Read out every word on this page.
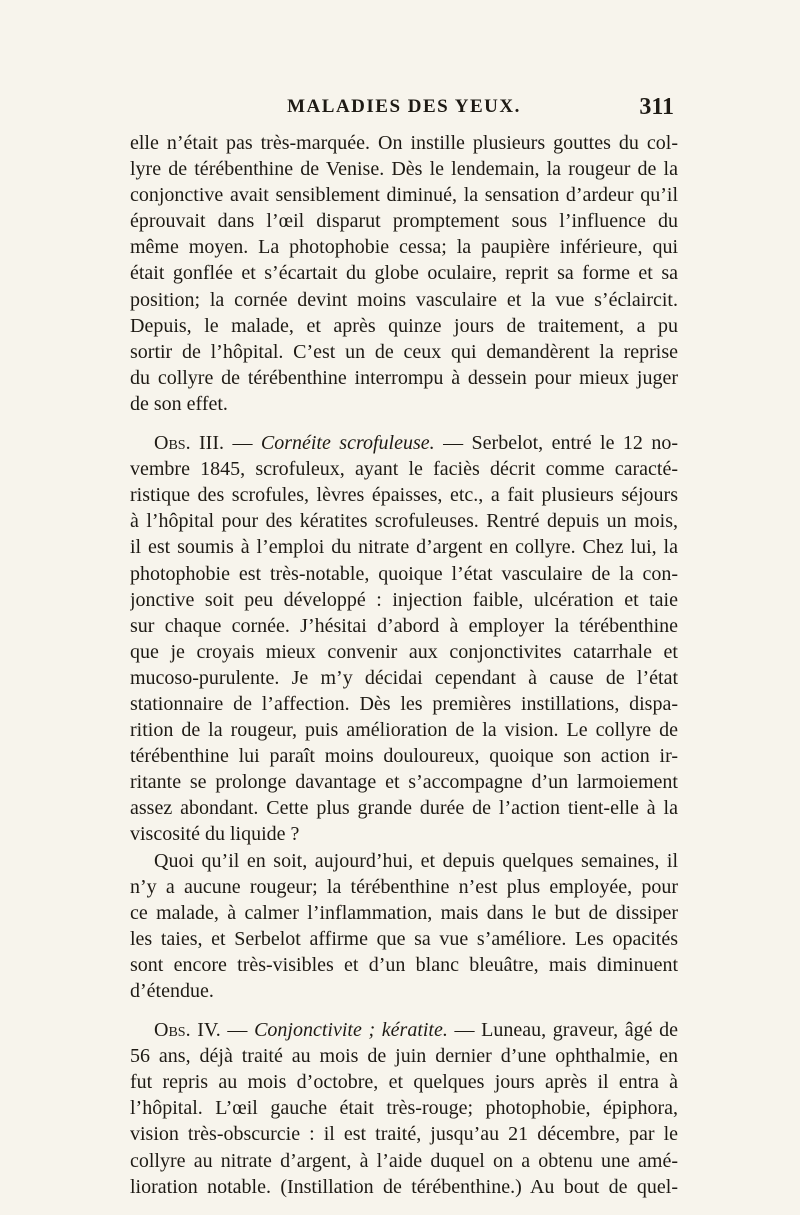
MALADIES DES YEUX.	311
elle n’était pas très-marquée. On instille plusieurs gouttes du col-
lyre de térébenthine de Venise. Dès le lendemain, la rougeur de la
conjonctive avait sensiblement diminué, la sensation d’ardeur qu’il
éprouvait dans l’œil disparut promptement sous l’influence du
même moyen. La photophobie cessa; la paupière inférieure, qui
était gonflée et s’écartait du globe oculaire, reprit sa forme et sa
position; la cornée devint moins vasculaire et la vue s’éclaircit.
Depuis, le malade, et après quinze jours de traitement, a pu
sortir de l’hôpital. C’est un de ceux qui demandèrent la reprise
du collyre de térébenthine interrompu à dessein pour mieux juger
de son effet.
Obs. III. — Cornéite scrofuleuse. — Serbelot, entré le 12 no-
vembre 1845, scrofuleux, ayant le faciès décrit comme caracté-
ristique des scrofules, lèvres épaisses, etc., a fait plusieurs séjours
à l’hôpital pour des kératites scrofuleuses. Rentré depuis un mois,
il est soumis à l’emploi du nitrate d’argent en collyre. Chez lui, la
photophobie est très-notable, quoique l’état vasculaire de la con-
jonctive soit peu développé : injection faible, ulcération et taie
sur chaque cornée. J’hésitai d’abord à employer la térébenthine
que je croyais mieux convenir aux conjonctivites catarrhale et
mucoso-purulente. Je m’y décidai cependant à cause de l’état
stationnaire de l’affection. Dès les premières instillations, dispa-
rition de la rougeur, puis amélioration de la vision. Le collyre de
térébenthine lui paraît moins douloureux, quoique son action ir-
ritante se prolonge davantage et s’accompagne d’un larmoiement
assez abondant. Cette plus grande durée de l’action tient-elle à la
viscosité du liquide ?
Quoi qu’il en soit, aujourd’hui, et depuis quelques semaines, il
n’y a aucune rougeur; la térébenthine n’est plus employée, pour
ce malade, à calmer l’inflammation, mais dans le but de dissiper
les taies, et Serbelot affirme que sa vue s’améliore. Les opacités
sont encore très-visibles et d’un blanc bleuâtre, mais diminuent
d’étendue.
Obs. IV. — Conjonctivite ; kératite. — Luneau, graveur, âgé de
56 ans, déjà traité au mois de juin dernier d’une ophthalmie, en
fut repris au mois d’octobre, et quelques jours après il entra à
l’hôpital. L’œil gauche était très-rouge; photophobie, épiphora,
vision très-obscurcie : il est traité, jusqu’au 21 décembre, par le
collyre au nitrate d’argent, à l’aide duquel on a obtenu une amé-
lioration notable. (Instillation de térébenthine.) Au bout de quel-
